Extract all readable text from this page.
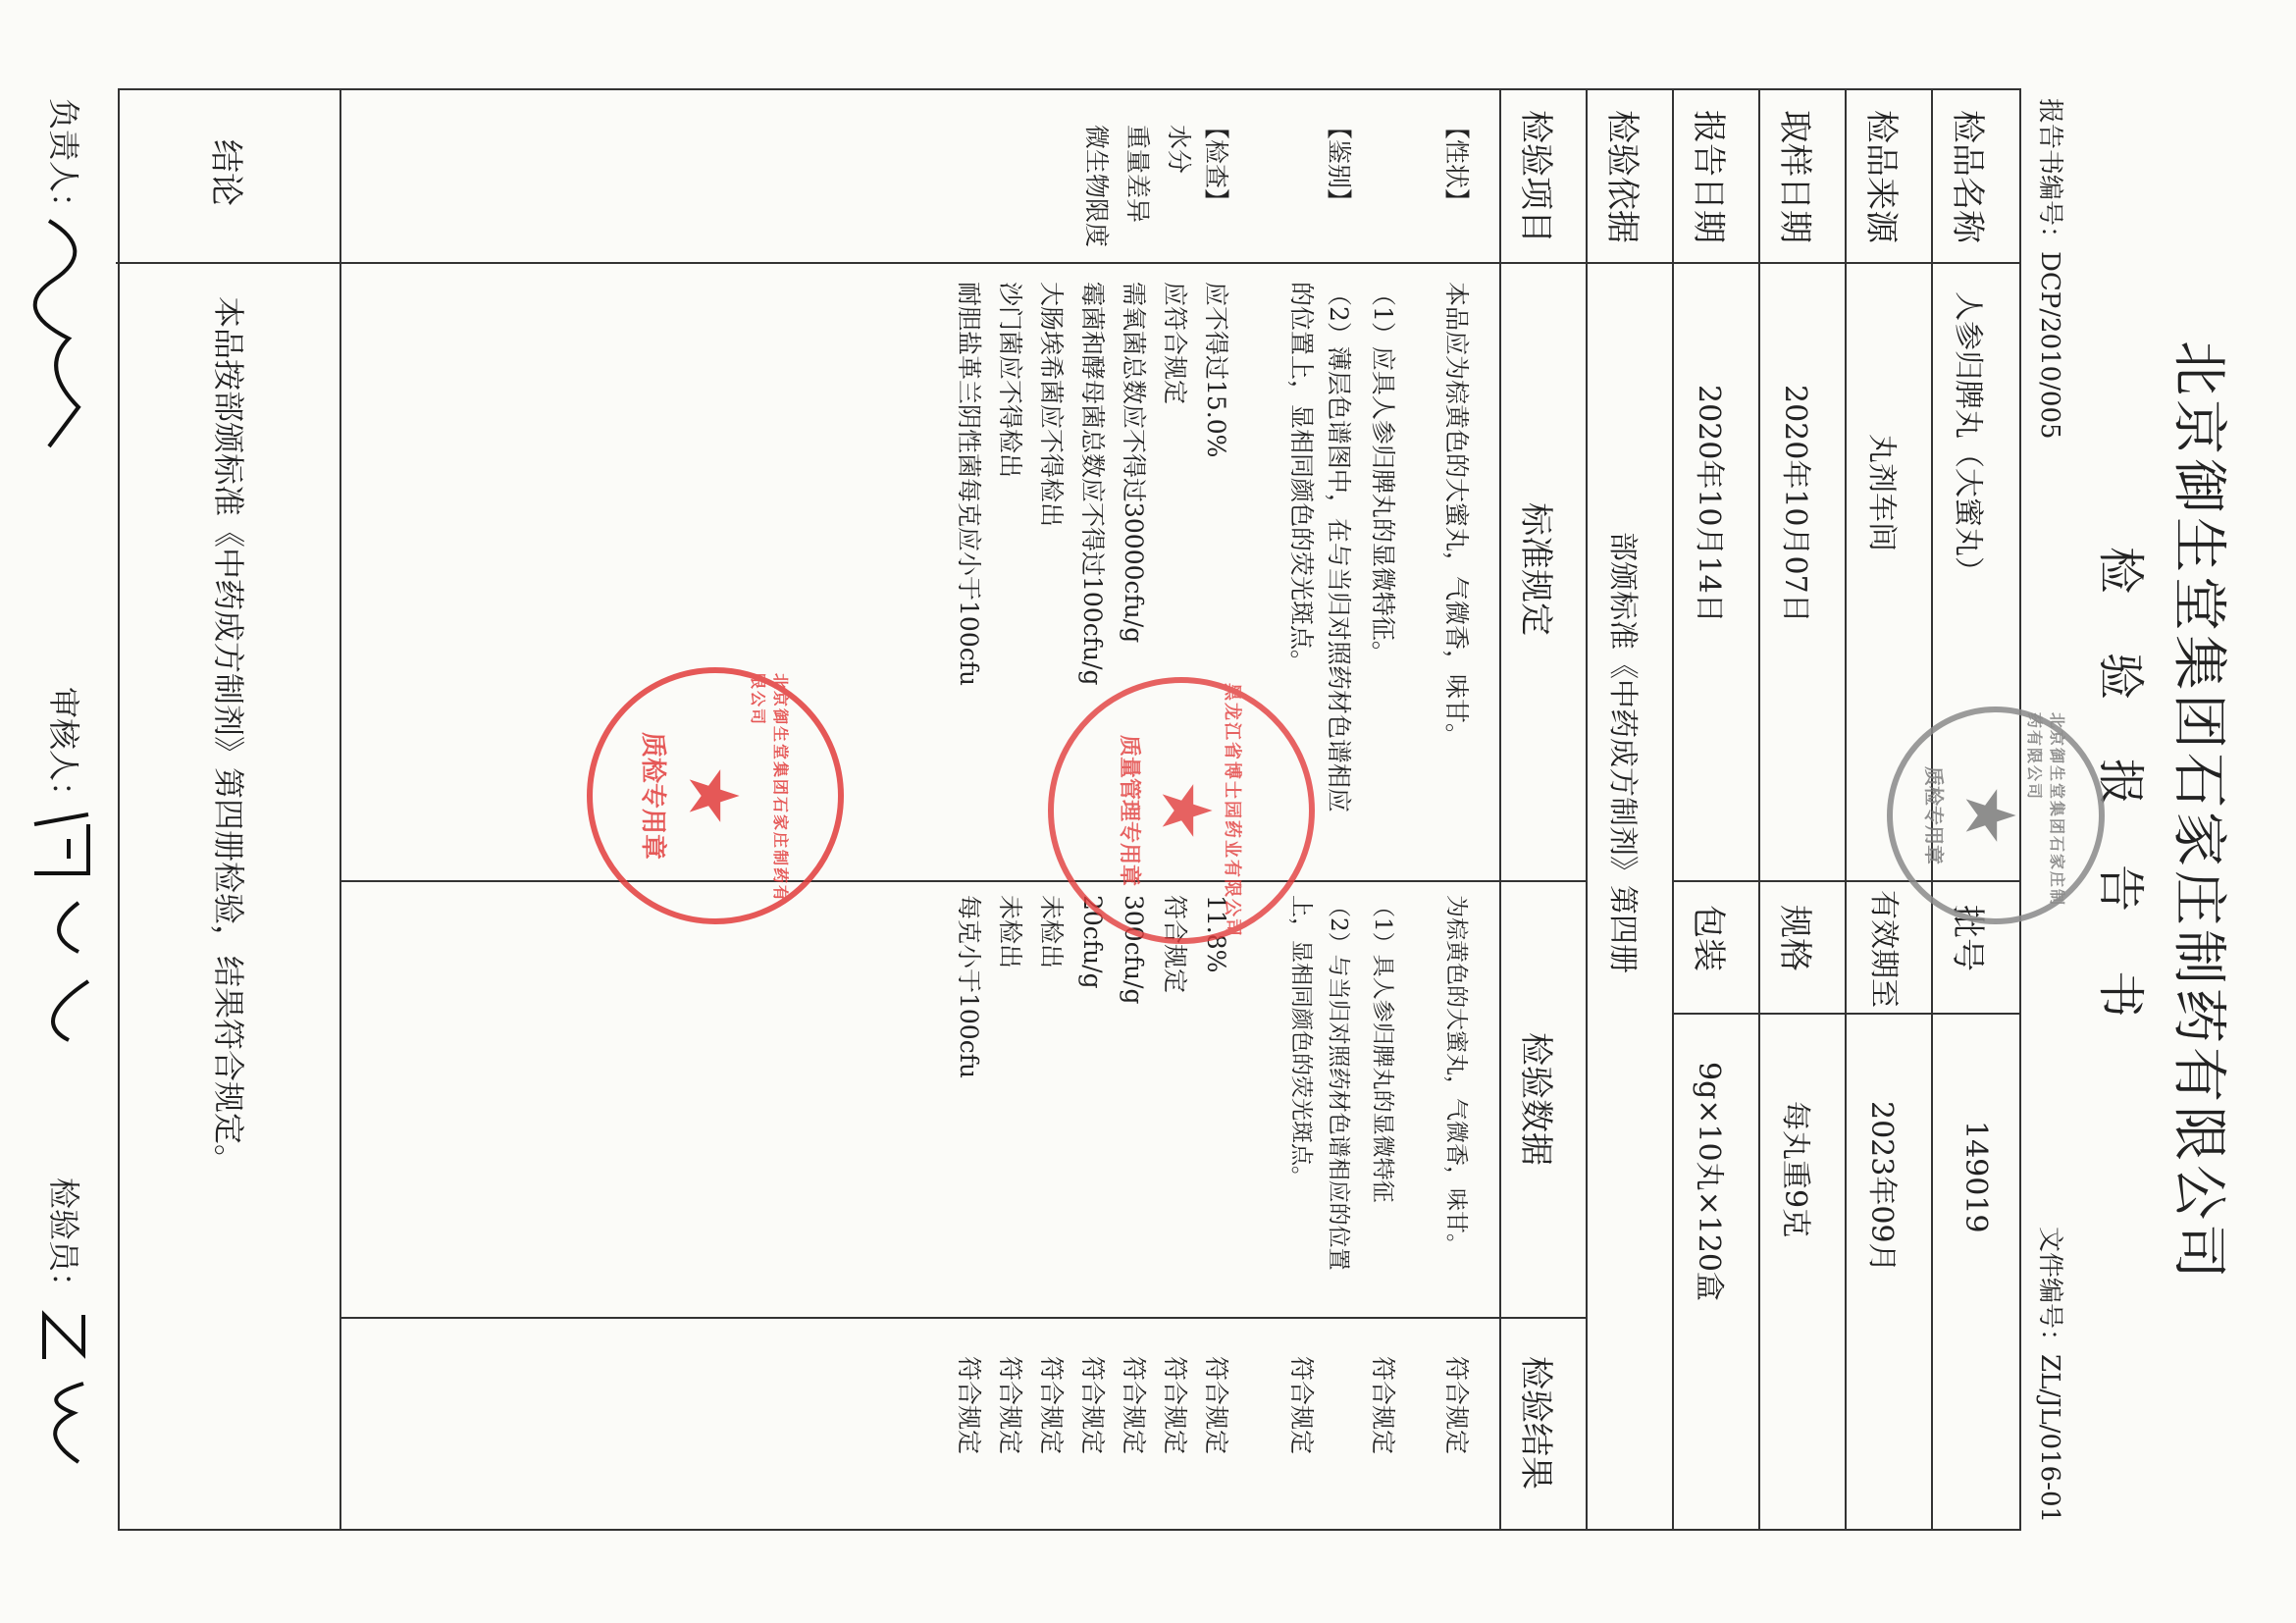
北京御生堂集团石家庄制药有限公司
检验报告书
报告书编号：DCP/2010/005
文件编号：ZL/JL/016-01
检品名称
人参归脾丸（大蜜丸）
批号
149019
检品来源
丸剂车间
有效期至
2023年09月
取样日期
2020年10月07日
规格
每丸重9克
报告日期
2020年10月14日
包装
9g×10丸×120盒
检验依据
部颁标准《中药成方制剂》第四册
检验项目
标准规定
检验数据
检验结果
【性状】
【鉴别】
【检查】
水分
重量差异
微生物限度
本品应为棕黄色的大蜜丸，气微香，味甘。
（1）应具人参归脾丸的显微特征。
（2）薄层色谱图中，在与当归对照药材色谱相应
的位置上，显相同颜色的荧光斑点。
应不得过15.0%
应符合规定
需氧菌总数应不得过30000cfu/g
霉菌和酵母菌总数应不得过100cfu/g
大肠埃希菌应不得检出
沙门菌应不得检出
耐胆盐革兰阴性菌每克应小于100cfu
为棕黄色的大蜜丸，气微香，味甘。
（1）具人参归脾丸的显微特征
（2）与当归对照药材色谱相应的位置
上，显相同颜色的荧光斑点。
11.8%
符合规定
300cfu/g
20cfu/g
未检出
未检出
每克小于100cfu
符合规定
符合规定
符合规定
符合规定
符合规定
符合规定
符合规定
符合规定
符合规定
符合规定
结论
本品按部颁标准《中药成方制剂》第四册检验，结果符合规定。	北京御生堂集团石家庄制药有限公司
★
质检专用章
黑龙江省博士园药业有限公司
★
质量管理专用章
北京御生堂集团石家庄制药有限公司
★
质检专用章
负责人：
审核人：
检验员：
